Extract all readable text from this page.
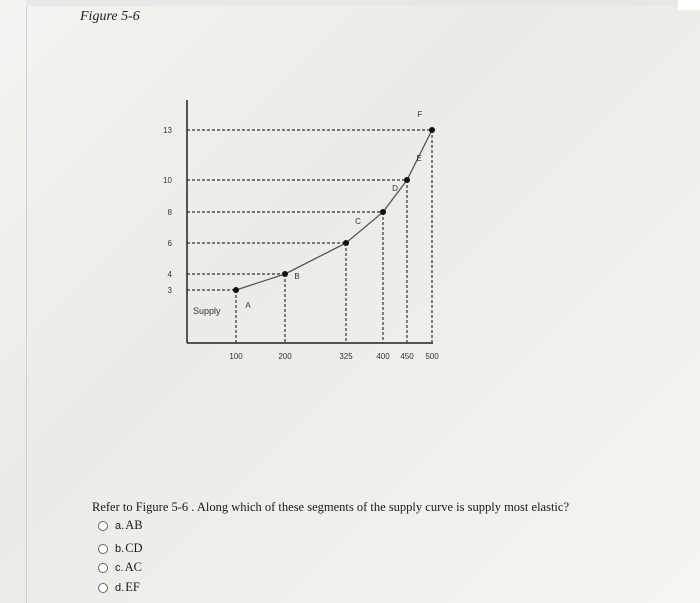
Figure 5-6
3
4
6
8
10
13
100	200	325	400 450 500
A
B
C
D
E
F
Supply
Refer to Figure 5-6 . Along which of these segments of the supply curve is supply most elastic?
a. AB
b. CD
c. AC
d. EF
